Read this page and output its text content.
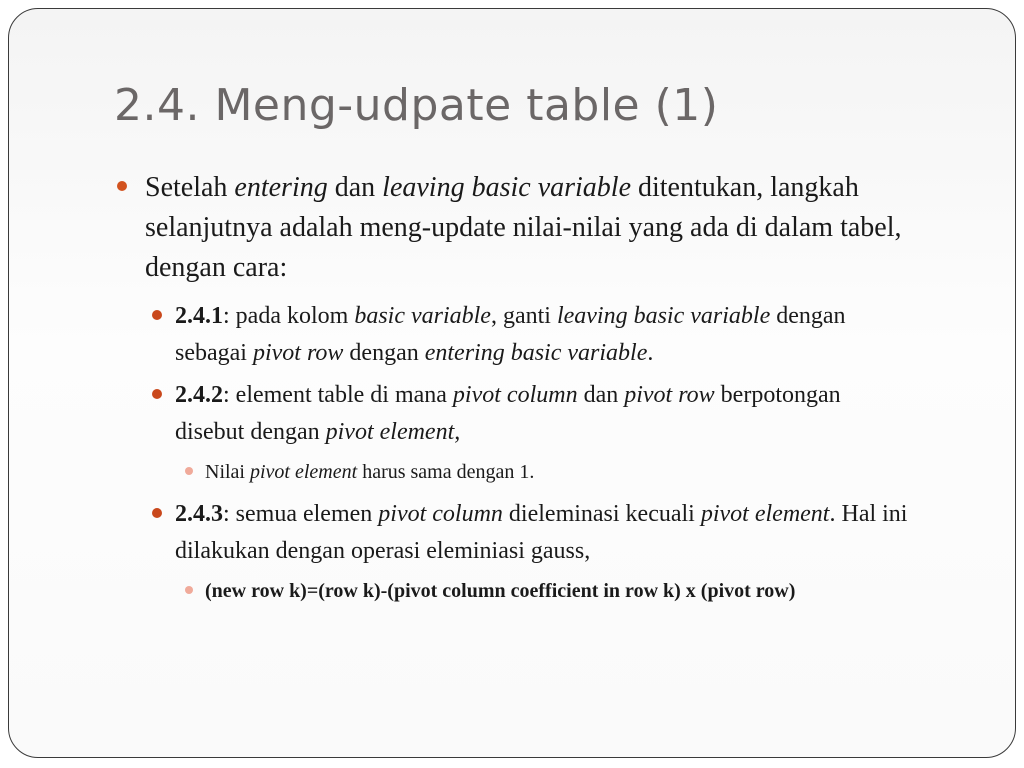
2.4. Meng-udpate table (1)
Setelah entering dan leaving basic variable ditentukan, langkah selanjutnya adalah meng-update nilai-nilai yang ada di dalam tabel, dengan cara:
2.4.1: pada kolom basic variable, ganti leaving basic variable dengan sebagai pivot row dengan entering basic variable.
2.4.2: element table di mana pivot column dan pivot row berpotongan disebut dengan pivot element,
Nilai pivot element harus sama dengan 1.
2.4.3: semua elemen pivot column dieleminasi kecuali pivot element. Hal ini dilakukan dengan operasi eleminiasi gauss,
(new row k)=(row k)-(pivot column coefficient in row k) x (pivot row)
